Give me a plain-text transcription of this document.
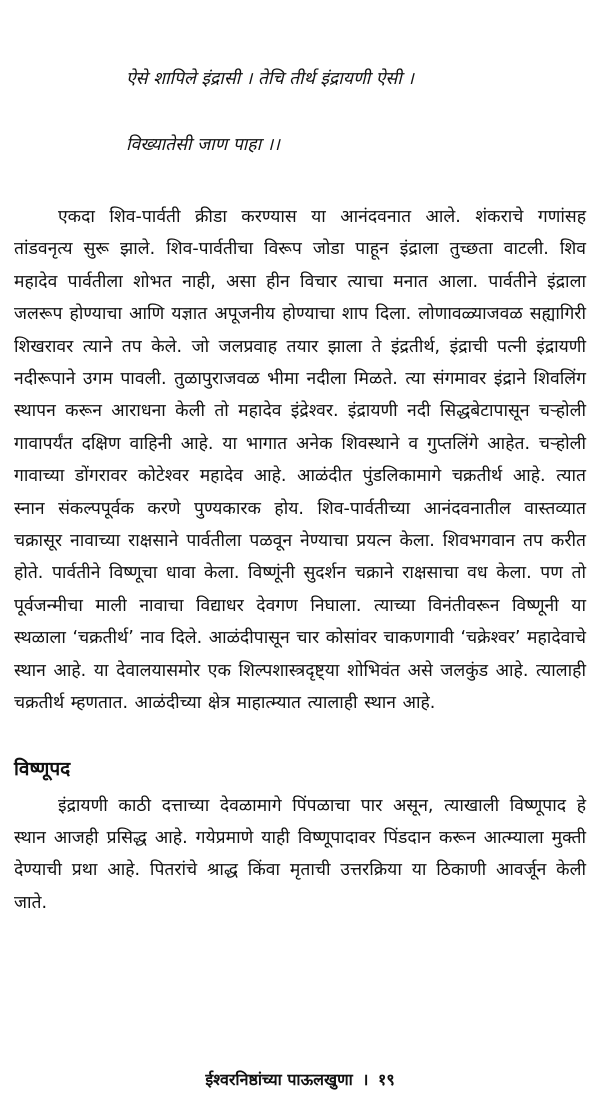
ऐसे शापिले इंद्रासी । तेचि तीर्थ इंद्रायणी ऐसी ।

विख्यातेसी जाण पाहा ।।

एकदा शिव-पार्वती क्रीडा करण्यास या आनंदवनात आले. शंकराचे गणांसह तांडवनृत्य सुरू झाले. शिव-पार्वतीचा विरूप जोडा पाहून इंद्राला तुच्छता वाटली. शिव महादेव पार्वतीला शोभत नाही, असा हीन विचार त्याचा मनात आला. पार्वतीने इंद्राला जलरूप होण्याचा आणि यज्ञात अपूजनीय होण्याचा शाप दिला. लोणावळ्याजवळ सह्यागिरी शिखरावर त्याने तप केले. जो जलप्रवाह तयार झाला ते इंद्रतीर्थ, इंद्राची पत्नी इंद्रायणी नदीरूपाने उगम पावली. तुळापुराजवळ भीमा नदीला मिळते. त्या संगमावर इंद्राने शिवलिंग स्थापन करून आराधना केली तो महादेव इंद्रेश्वर. इंद्रायणी नदी सिद्धबेटापासून चऱ्होली गावापर्यंत दक्षिण वाहिनी आहे. या भागात अनेक शिवस्थाने व गुप्तलिंगे आहेत. चऱ्होली गावाच्या डोंगरावर कोटेश्वर महादेव आहे. आळंदीत पुंडलिकामागे चक्रतीर्थ आहे. त्यात स्नान संकल्पपूर्वक करणे पुण्यकारक होय. शिव-पार्वतीच्या आनंदवनातील वास्तव्यात चक्रासूर नावाच्या राक्षसाने पार्वतीला पळवून नेण्याचा प्रयत्न केला. शिवभगवान तप करीत होते. पार्वतीने विष्णूचा धावा केला. विष्णूंनी सुदर्शन चक्राने राक्षसाचा वध केला. पण तो पूर्वजन्मीचा माली नावाचा विद्याधर देवगण निघाला. त्याच्या विनंतीवरून विष्णूनी या स्थळाला ‘चक्रतीर्थ’ नाव दिले. आळंदीपासून चार कोसांवर चाकणगावी ‘चक्रेश्वर’ महादेवाचे स्थान आहे. या देवालयासमोर एक शिल्पशास्त्रदृष्ट्या शोभिवंत असे जलकुंड आहे. त्यालाही चक्रतीर्थ म्हणतात. आळंदीच्या क्षेत्र माहात्म्यात त्यालाही स्थान आहे.

विष्णूपद

इंद्रायणी काठी दत्ताच्या देवळामागे पिंपळाचा पार असून, त्याखाली विष्णूपाद हे स्थान आजही प्रसिद्ध आहे. गयेप्रमाणे याही विष्णूपादावर पिंडदान करून आत्म्याला मुक्ती देण्याची प्रथा आहे. पितरांचे श्राद्ध किंवा मृताची उत्तरक्रिया या ठिकाणी आवर्जून केली जाते.

ईश्वरनिष्ठांच्या पाऊलखुणा । १९
